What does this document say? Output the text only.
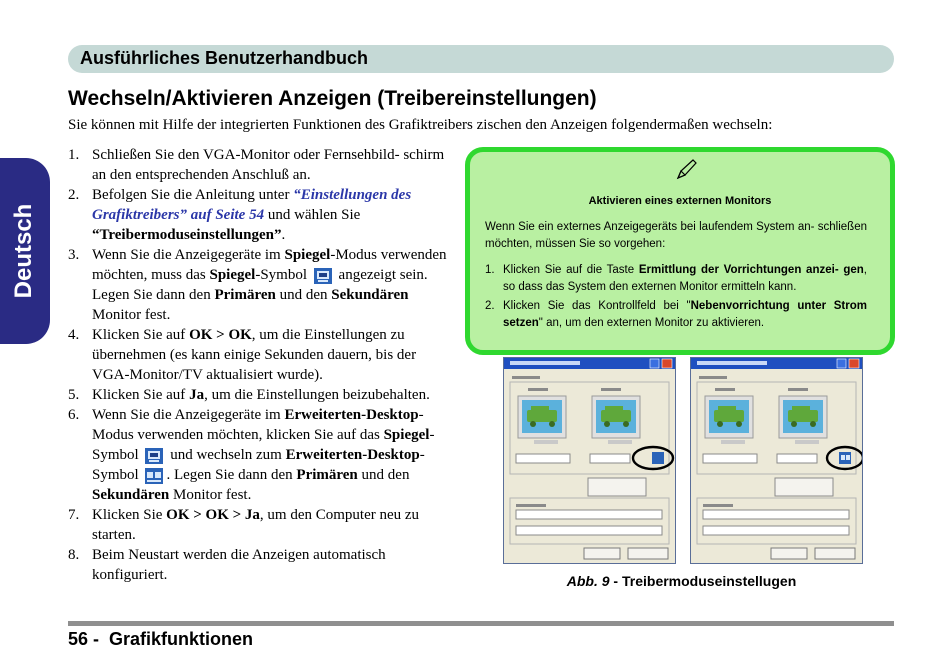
Ausführliches Benutzerhandbuch
Deutsch
Wechseln/Aktivieren Anzeigen (Treibereinstellungen)
Sie können mit Hilfe der integrierten Funktionen des Grafiktreibers zischen den Anzeigen folgendermaßen wechseln:
1. Schließen Sie den VGA-Monitor oder Fernsehbild- schirm an den entsprechenden Anschluß an.
2. Befolgen Sie die Anleitung unter “Einstellungen des Grafiktreibers” auf Seite 54 und wählen Sie “Treibermoduseinstellungen”.
3. Wenn Sie die Anzeigegeräte im Spiegel-Modus verwenden möchten, muss das Spiegel-Symbol  angezeigt sein. Legen Sie dann den Primären und den Sekundären Monitor fest.
4. Klicken Sie auf OK > OK, um die Einstellungen zu übernehmen (es kann einige Sekunden dauern, bis der VGA-Monitor/TV aktualisiert wurde).
5. Klicken Sie auf Ja, um die Einstellungen beizubehalten.
6. Wenn Sie die Anzeigegeräte im Erweiterten-Desktop-Modus verwenden möchten, klicken Sie auf das Spiegel-Symbol  und wechseln zum Erweiterten-Desktop-Symbol . Legen Sie dann den Primären und den Sekundären Monitor fest.
7. Klicken Sie OK > OK > Ja, um den Computer neu zu starten.
8. Beim Neustart werden die Anzeigen automatisch konfiguriert.
Aktivieren eines externen Monitors
Wenn Sie ein externes Anzeigegeräts bei laufendem System an- schließen möchten, müssen Sie so vorgehen:
1. Klicken Sie auf die Taste Ermittlung der Vorrichtungen anzei- gen, so dass das System den externen Monitor ermitteln kann.
2. Klicken Sie das Kontrollfeld bei "Nebenvorrichtung unter Strom setzen" an, um den externen Monitor zu aktivieren.
Abb. 9 - Treibermoduseinstellugen
56 -  Grafikfunktionen
